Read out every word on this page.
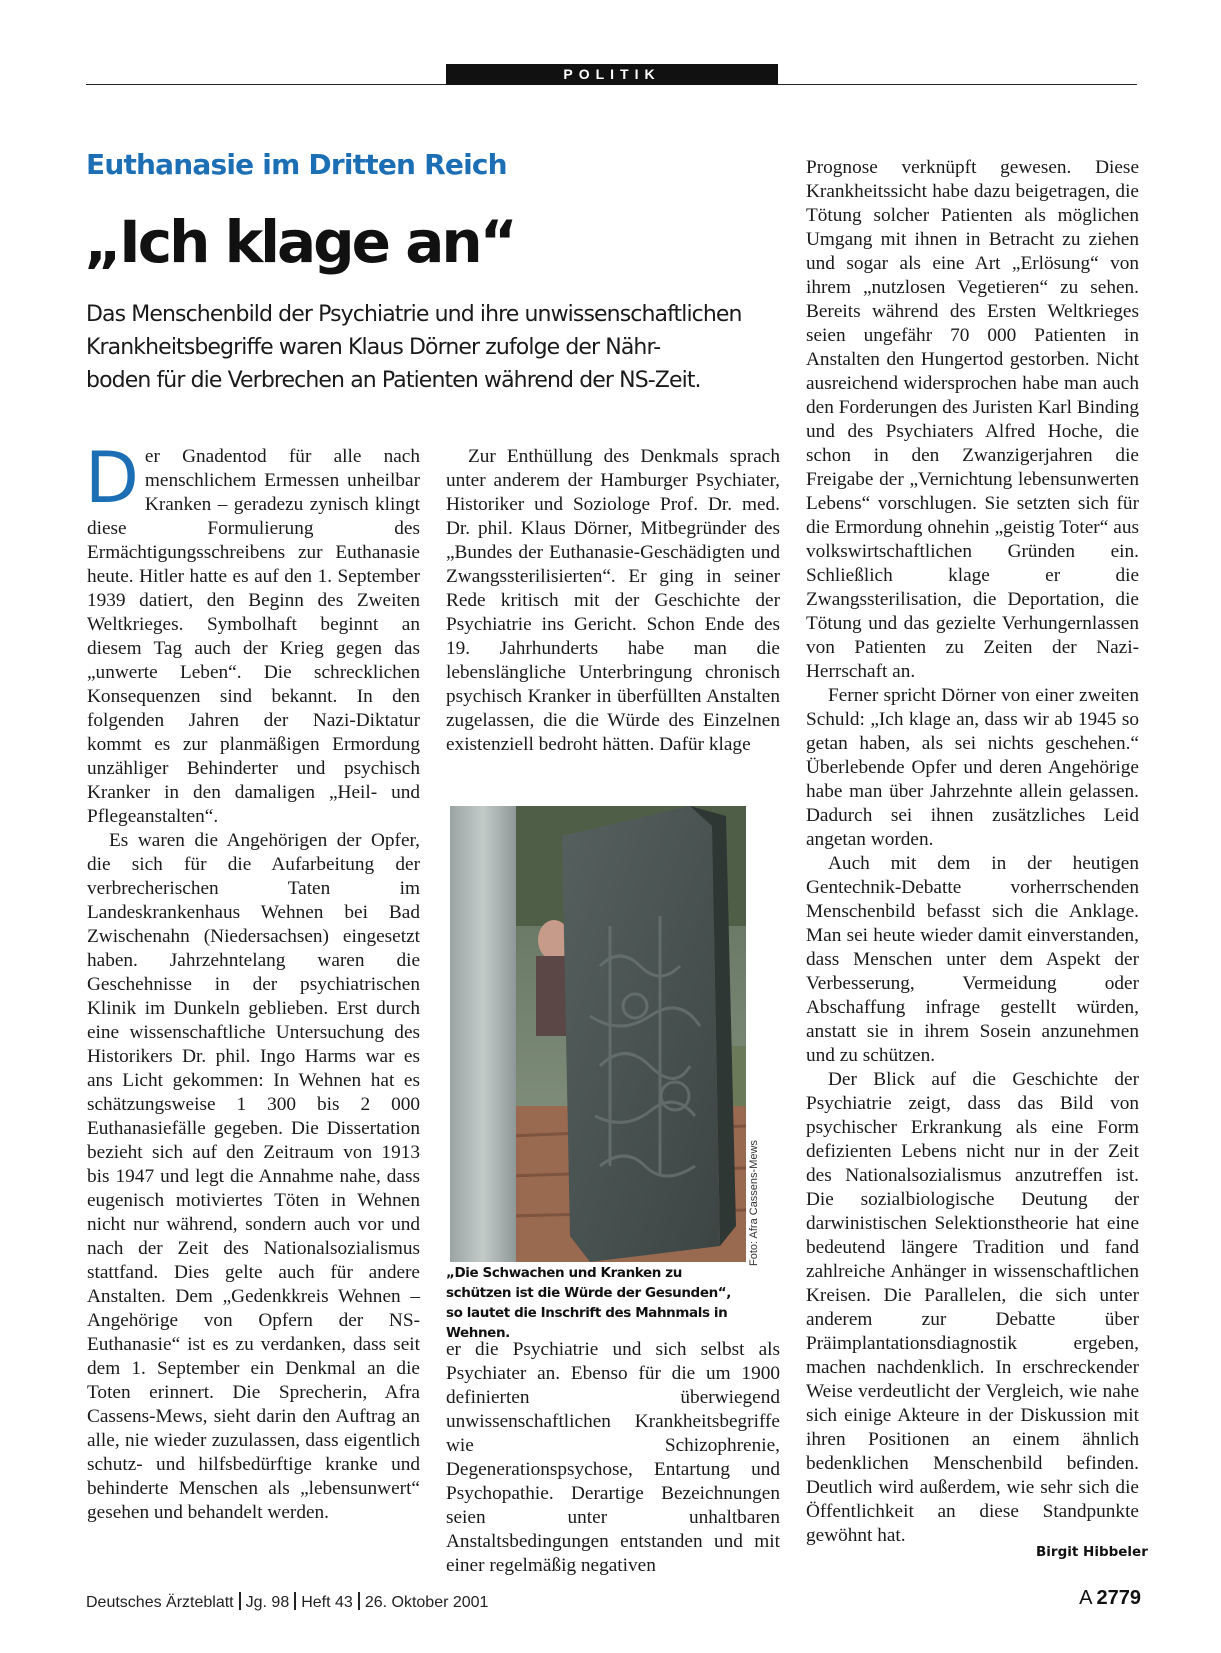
POLITIK
Euthanasie im Dritten Reich
„Ich klage an“
Das Menschenbild der Psychiatrie und ihre unwissenschaftlichen
Krankheitsbegriffe waren Klaus Dörner zufolge der Nähr-
boden für die Verbrechen an Patienten während der NS-Zeit.

Der Gnadentod für alle nach menschlichem Ermessen unheilbar Kranken – geradezu zynisch klingt diese Formulierung des Ermächtigungsschreibens zur Euthanasie heute. Hitler hatte es auf den 1. September 1939 datiert, den Beginn des Zweiten Weltkrieges. Symbolhaft beginnt an diesem Tag auch der Krieg gegen das „unwerte Leben“. Die schrecklichen Konsequenzen sind bekannt. In den folgenden Jahren der Nazi-Diktatur kommt es zur planmäßigen Ermordung unzähliger Behinderter und psychisch Kranker in den damaligen „Heil- und Pflegeanstalten“.

Es waren die Angehörigen der Opfer, die sich für die Aufarbeitung der verbrecherischen Taten im Landeskrankenhaus Wehnen bei Bad Zwischenahn (Niedersachsen) eingesetzt haben. Jahrzehntelang waren die Geschehnisse in der psychiatrischen Klinik im Dunkeln geblieben. Erst durch eine wissenschaftliche Untersuchung des Historikers Dr. phil. Ingo Harms war es ans Licht gekommen: In Wehnen hat es schätzungsweise 1 300 bis 2 000 Euthanasiefälle gegeben. Die Dissertation bezieht sich auf den Zeitraum von 1913 bis 1947 und legt die Annahme nahe, dass eugenisch motiviertes Töten in Wehnen nicht nur während, sondern auch vor und nach der Zeit des Nationalsozialismus stattfand. Dies gelte auch für andere Anstalten. Dem „Gedenkkreis Wehnen – Angehörige von Opfern der NS-Euthanasie“ ist es zu verdanken, dass seit dem 1. September ein Denkmal an die Toten erinnert. Die Sprecherin, Afra Cassens-Mews, sieht darin den Auftrag an alle, nie wieder zuzulassen, dass eigentlich schutz- und hilfsbedürftige kranke und behinderte Menschen als „lebensunwert“ gesehen und behandelt werden.

Zur Enthüllung des Denkmals sprach unter anderem der Hamburger Psychiater, Historiker und Soziologe Prof. Dr. med. Dr. phil. Klaus Dörner, Mitbegründer des „Bundes der Euthanasie-Geschädigten und Zwangssterilisierten“. Er ging in seiner Rede kritisch mit der Geschichte der Psychiatrie ins Gericht. Schon Ende des 19. Jahrhunderts habe man die lebenslängliche Unterbringung chronisch psychisch Kranker in überfüllten Anstalten zugelassen, die die Würde des Einzelnen existenziell bedroht hätten. Dafür klage

Foto: Afra Cassens-Mews
„Die Schwachen und Kranken zu schützen ist die Würde der Gesunden“, so lautet die Inschrift des Mahnmals in Wehnen.

er die Psychiatrie und sich selbst als Psychiater an. Ebenso für die um 1900 definierten überwiegend unwissenschaftlichen Krankheitsbegriffe wie Schizophrenie, Degenerationspsychose, Entartung und Psychopathie. Derartige Bezeichnungen seien unter unhaltbaren Anstaltsbedingungen entstanden und mit einer regelmäßig negativen

Prognose verknüpft gewesen. Diese Krankheitssicht habe dazu beigetragen, die Tötung solcher Patienten als möglichen Umgang mit ihnen in Betracht zu ziehen und sogar als eine Art „Erlösung“ von ihrem „nutzlosen Vegetieren“ zu sehen. Bereits während des Ersten Weltkrieges seien ungefähr 70 000 Patienten in Anstalten den Hungertod gestorben. Nicht ausreichend widersprochen habe man auch den Forderungen des Juristen Karl Binding und des Psychiaters Alfred Hoche, die schon in den Zwanzigerjahren die Freigabe der „Vernichtung lebensunwerten Lebens“ vorschlugen. Sie setzten sich für die Ermordung ohnehin „geistig Toter“ aus volkswirtschaftlichen Gründen ein. Schließlich klage er die Zwangssterilisation, die Deportation, die Tötung und das gezielte Verhungernlassen von Patienten zu Zeiten der Nazi-Herrschaft an.

Ferner spricht Dörner von einer zweiten Schuld: „Ich klage an, dass wir ab 1945 so getan haben, als sei nichts geschehen.“ Überlebende Opfer und deren Angehörige habe man über Jahrzehnte allein gelassen. Dadurch sei ihnen zusätzliches Leid angetan worden.

Auch mit dem in der heutigen Gentechnik-Debatte vorherrschenden Menschenbild befasst sich die Anklage. Man sei heute wieder damit einverstanden, dass Menschen unter dem Aspekt der Verbesserung, Vermeidung oder Abschaffung infrage gestellt würden, anstatt sie in ihrem Sosein anzunehmen und zu schützen.

Der Blick auf die Geschichte der Psychiatrie zeigt, dass das Bild von psychischer Erkrankung als eine Form defizienten Lebens nicht nur in der Zeit des Nationalsozialismus anzutreffen ist. Die sozialbiologische Deutung der darwinistischen Selektionstheorie hat eine bedeutend längere Tradition und fand zahlreiche Anhänger in wissenschaftlichen Kreisen. Die Parallelen, die sich unter anderem zur Debatte über Präimplantationsdiagnostik ergeben, machen nachdenklich. In erschreckender Weise verdeutlicht der Vergleich, wie nahe sich einige Akteure in der Diskussion mit ihren Positionen an einem ähnlich bedenklichen Menschenbild befinden. Deutlich wird außerdem, wie sehr sich die Öffentlichkeit an diese Standpunkte gewöhnt hat.

Birgit Hibbeler
Deutsches Ärzteblatt Jg. 98 Heft 43 26. Oktober 2001	A 2779
